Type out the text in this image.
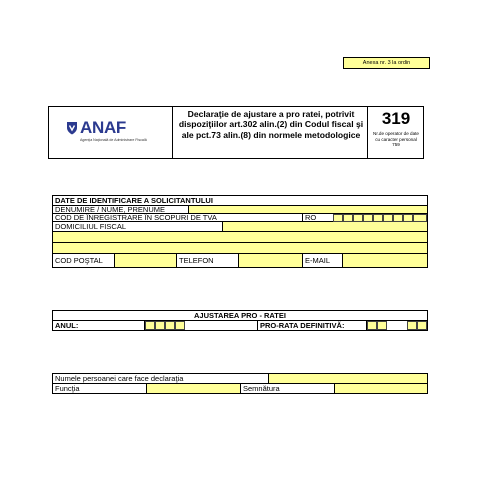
Anexa nr. 3 la ordin
ANAF
Agenţia Naţională de Administrare Fiscală
Declaraţie de ajustare a pro ratei, potrivit dispoziţiilor art.302 alin.(2) din Codul fiscal şi ale pct.73 alin.(8) din normele metodologice
319
Nr.de operator de date cu caracter personal 759
DATE DE IDENTIFICARE A SOLICITANTULUI
DENUMIRE / NUME, PRENUME
COD DE ÎNREGISTRARE ÎN SCOPURI DE TVA	RO
DOMICILIUL FISCAL
COD POŞTAL	TELEFON	E-MAIL
AJUSTAREA PRO - RATEI
ANUL:	PRO-RATA DEFINITIVĂ:
Numele persoanei care face declaraţia
Funcţia	Semnătura
